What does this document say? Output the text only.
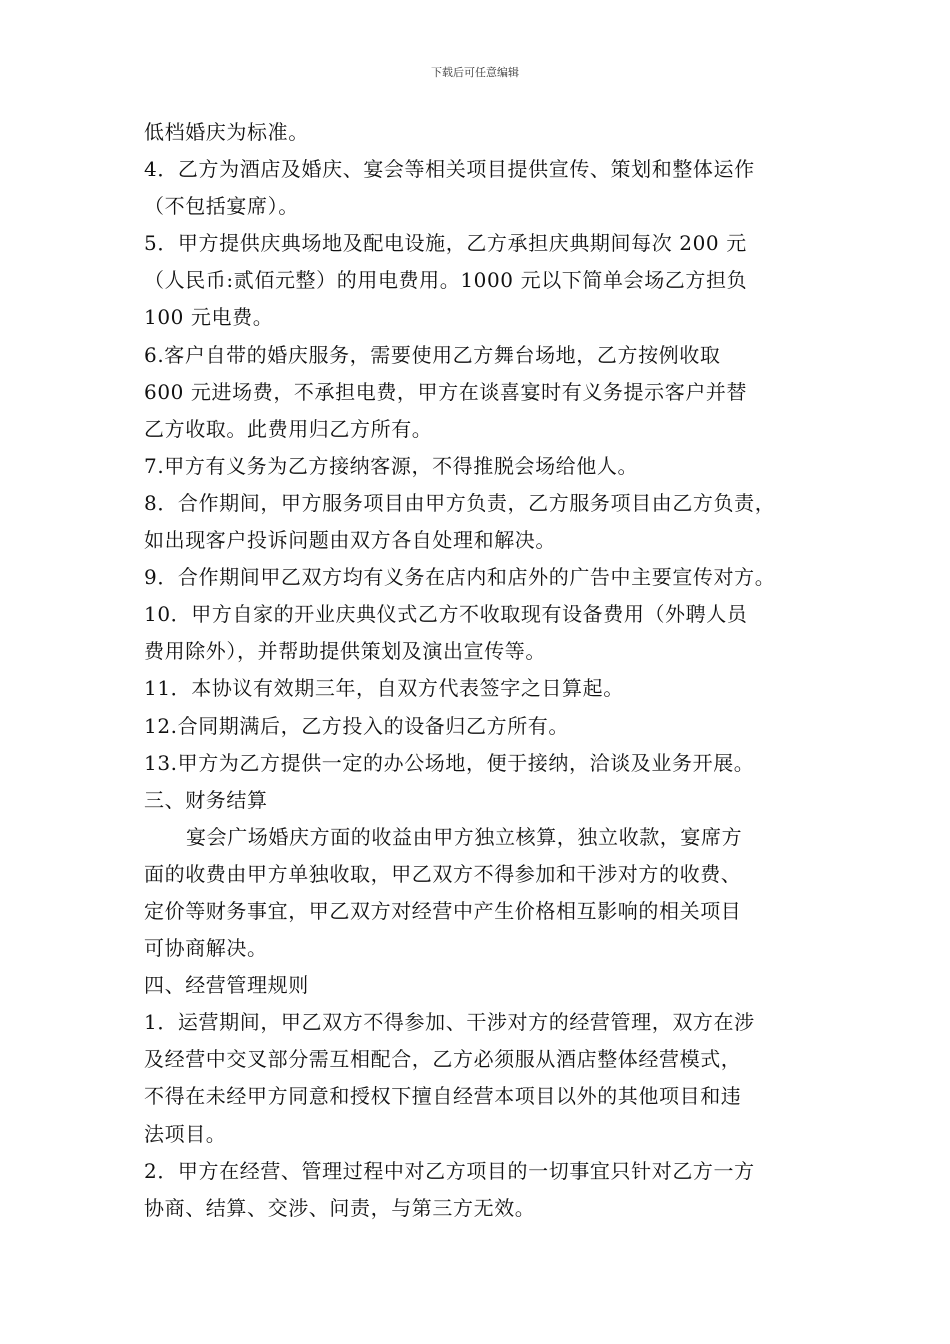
下载后可任意编辑
低档婚庆为标准。
4．乙方为酒店及婚庆、宴会等相关项目提供宣传、策划和整体运作
（不包括宴席）。
5．甲方提供庆典场地及配电设施，乙方承担庆典期间每次 200 元
（人民币:贰佰元整）的用电费用。1000 元以下简单会场乙方担负
100 元电费。
6.客户自带的婚庆服务，需要使用乙方舞台场地，乙方按例收取
600 元进场费，不承担电费，甲方在谈喜宴时有义务提示客户并替
乙方收取。此费用归乙方所有。
7.甲方有义务为乙方接纳客源，不得推脱会场给他人。
8．合作期间，甲方服务项目由甲方负责，乙方服务项目由乙方负责，
如出现客户投诉问题由双方各自处理和解决。
9．合作期间甲乙双方均有义务在店内和店外的广告中主要宣传对方。
10．甲方自家的开业庆典仪式乙方不收取现有设备费用（外聘人员
费用除外），并帮助提供策划及演出宣传等。
11．本协议有效期三年，自双方代表签字之日算起。
12.合同期满后，乙方投入的设备归乙方所有。
13.甲方为乙方提供一定的办公场地，便于接纳，洽谈及业务开展。
三、财务结算
宴会广场婚庆方面的收益由甲方独立核算，独立收款，宴席方
面的收费由甲方单独收取，甲乙双方不得参加和干涉对方的收费、
定价等财务事宜，甲乙双方对经营中产生价格相互影响的相关项目
可协商解决。
四、经营管理规则
1．运营期间，甲乙双方不得参加、干涉对方的经营管理，双方在涉
及经营中交叉部分需互相配合，乙方必须服从酒店整体经营模式，
不得在未经甲方同意和授权下擅自经营本项目以外的其他项目和违
法项目。
2．甲方在经营、管理过程中对乙方项目的一切事宜只针对乙方一方
协商、结算、交涉、问责，与第三方无效。
